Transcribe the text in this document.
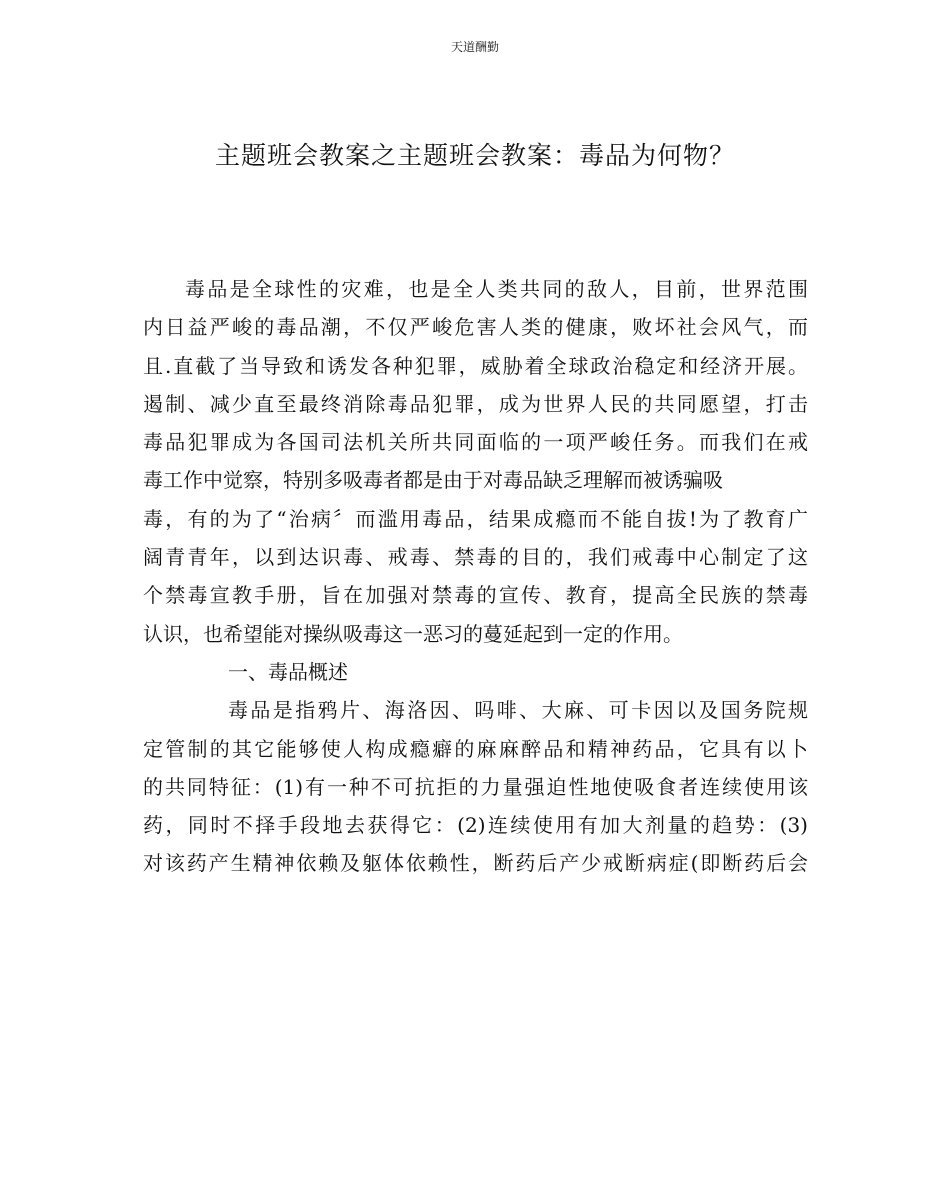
天道酬勤
主题班会教案之主题班会教案：毒品为何物？
毒品是全球性的灾难，也是全人类共同的敌人，目前，世界范围
内日益严峻的毒品潮，不仅严峻危害人类的健康，败坏社会风气，而
且.直截了当导致和诱发各种犯罪，威胁着全球政治稳定和经济开展。
遏制、减少直至最终消除毒品犯罪，成为世界人民的共同愿望，打击
毒品犯罪成为各国司法机关所共同面临的一项严峻任务。而我们在戒
毒工作中觉察，特别多吸毒者都是由于对毒品缺乏理解而被诱骗吸
毒，有的为了“治病〞而滥用毒品，结果成瘾而不能自拔!为了教育广
阔青青年，以到达识毒、戒毒、禁毒的目的，我们戒毒中心制定了这
个禁毒宣教手册，旨在加强对禁毒的宣传、教育，提高全民族的禁毒
认识，也希望能对操纵吸毒这一恶习的蔓延起到一定的作用。
一、毒品概述
毒品是指鸦片、海洛因、吗啡、大麻、可卡因以及国务院规
定管制的其它能够使人构成瘾癖的麻麻醉品和精神药品，它具有以卜
的共同特征：(1)有一种不可抗拒的力量强迫性地使吸食者连续使用该
药，同时不择手段地去获得它：(2)连续使用有加大剂量的趋势：(3)
对该药产生精神依赖及躯体依赖性，断药后产少戒断病症(即断药后会
